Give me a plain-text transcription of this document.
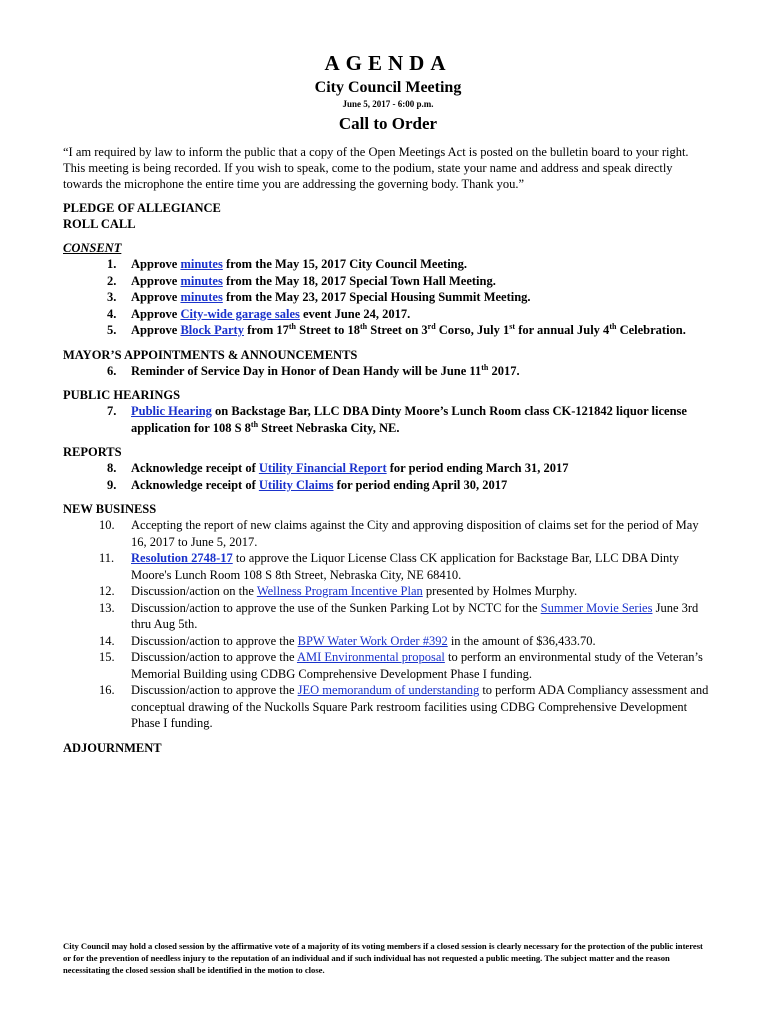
AGENDA

City Council Meeting

June 5, 2017 - 6:00 p.m.

Call to Order

“I am required by law to inform the public that a copy of the Open Meetings Act is posted on the bulletin board to your right. This meeting is being recorded. If you wish to speak, come to the podium, state your name and address and speak directly towards the microphone the entire time you are addressing the governing body. Thank you.”

PLEDGE OF ALLEGIANCE

ROLL CALL

CONSENT

1.	Approve minutes from the May 15, 2017 City Council Meeting.
2.	Approve minutes from the May 18, 2017 Special Town Hall Meeting.
3.	Approve minutes from the May 23, 2017 Special Housing Summit Meeting.
4.	Approve City-wide garage sales event June 24, 2017.
5.	Approve Block Party from 17th Street to 18th Street on 3rd Corso, July 1st for annual July 4th Celebration.

MAYOR’S APPOINTMENTS & ANNOUNCEMENTS

6.	Reminder of Service Day in Honor of Dean Handy will be June 11th 2017.

PUBLIC HEARINGS

7.	Public Hearing on Backstage Bar, LLC DBA Dinty Moore’s Lunch Room class CK-121842 liquor license application for 108 S 8th Street Nebraska City, NE.

REPORTS

8.	Acknowledge receipt of Utility Financial Report for period ending March 31, 2017
9.	Acknowledge receipt of Utility Claims for period ending April 30, 2017

NEW BUSINESS

10.	Accepting the report of new claims against the City and approving disposition of claims set for the period of May 16, 2017 to June 5, 2017.
11.	Resolution 2748-17 to approve the Liquor License Class CK application for Backstage Bar, LLC DBA Dinty Moore's Lunch Room 108 S 8th Street, Nebraska City, NE 68410.
12.	Discussion/action on the Wellness Program Incentive Plan presented by Holmes Murphy.
13.	Discussion/action to approve the use of the Sunken Parking Lot by NCTC for the Summer Movie Series June 3rd thru Aug 5th.
14.	Discussion/action to approve the BPW Water Work Order #392 in the amount of $36,433.70.
15.	Discussion/action to approve the AMI Environmental proposal to perform an environmental study of the Veteran’s Memorial Building using CDBG Comprehensive Development Phase I funding.
16.	Discussion/action to approve the JEO memorandum of understanding to perform ADA Compliancy assessment and conceptual drawing of the Nuckolls Square Park restroom facilities using CDBG Comprehensive Development Phase I funding.

ADJOURNMENT

City Council may hold a closed session by the affirmative vote of a majority of its voting members if a closed session is clearly necessary for the protection of the public interest or for the prevention of needless injury to the reputation of an individual and if such individual has not requested a public meeting. The subject matter and the reason necessitating the closed session shall be identified in the motion to close.
